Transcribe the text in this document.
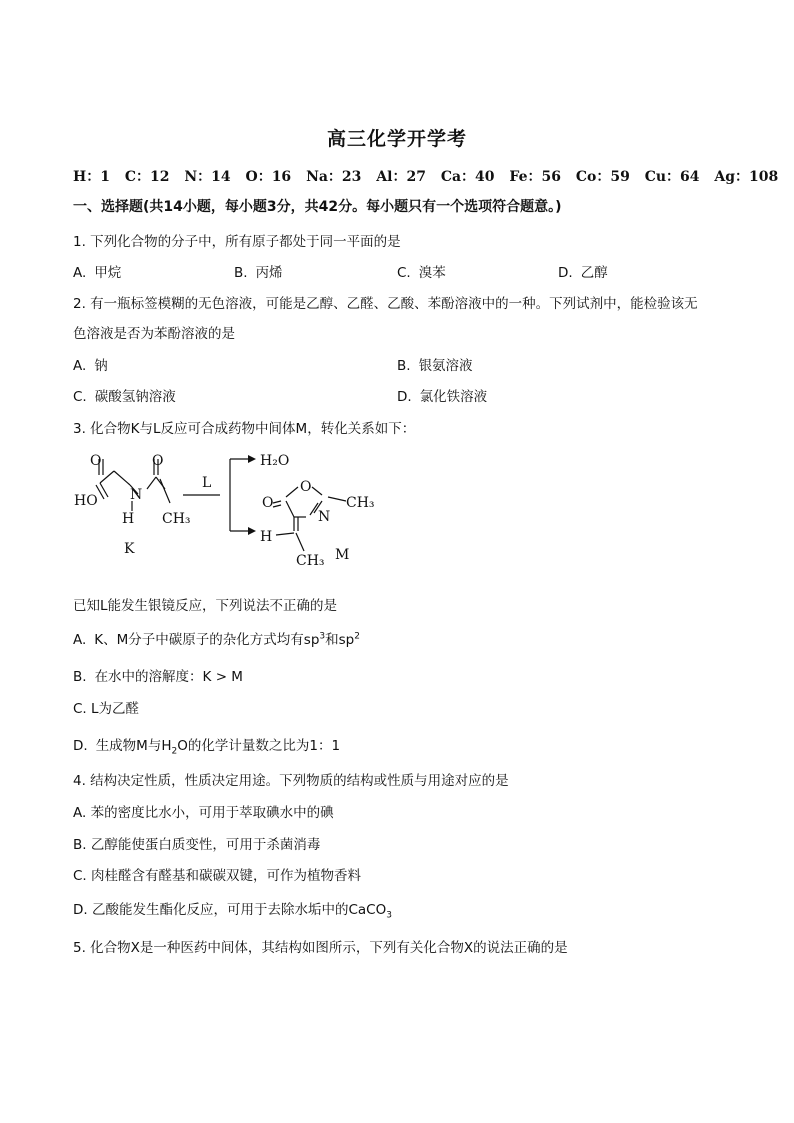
高三化学开学考
H：1 C：12 N：14 O：16 Na：23 Al：27 Ca：40 Fe：56 Co：59 Cu：64 Ag：108
一、选择题(共14小题，每小题3分，共42分。每小题只有一个选项符合题意。)
1. 下列化合物的分子中，所有原子都处于同一平面的是
A. 甲烷	B. 丙烯	C. 溴苯	D. 乙醇
2. 有一瓶标签模糊的无色溶液，可能是乙醇、乙醛、乙酸、苯酚溶液中的一种。下列试剂中，能检验该无
色溶液是否为苯酚溶液的是
A. 钠	B. 银氨溶液
C. 碳酸氢钠溶液	D. 氯化铁溶液
3. 化合物K与L反应可合成药物中间体M，转化关系如下：
O
HO N
H
O
CH₃
K
L
H₂O
O
O
N
CH₃
H
CH₃ M
已知L能发生银镜反应，下列说法不正确的是
A. K、M分子中碳原子的杂化方式均有$sp^3$和$sp^2$
B. 在水中的溶解度：K > M
C. L为乙醛
D. 生成物M与$H_2O$的化学计量数之比为1：1
4. 结构决定性质，性质决定用途。下列物质的结构或性质与用途对应的是
A. 苯的密度比水小，可用于萃取碘水中的碘
B. 乙醇能使蛋白质变性，可用于杀菌消毒
C. 肉桂醛含有醛基和碳碳双键，可作为植物香料
D. 乙酸能发生酯化反应，可用于去除水垢中的CaCO$_3$
5. 化合物X是一种医药中间体，其结构如图所示，下列有关化合物X的说法正确的是
